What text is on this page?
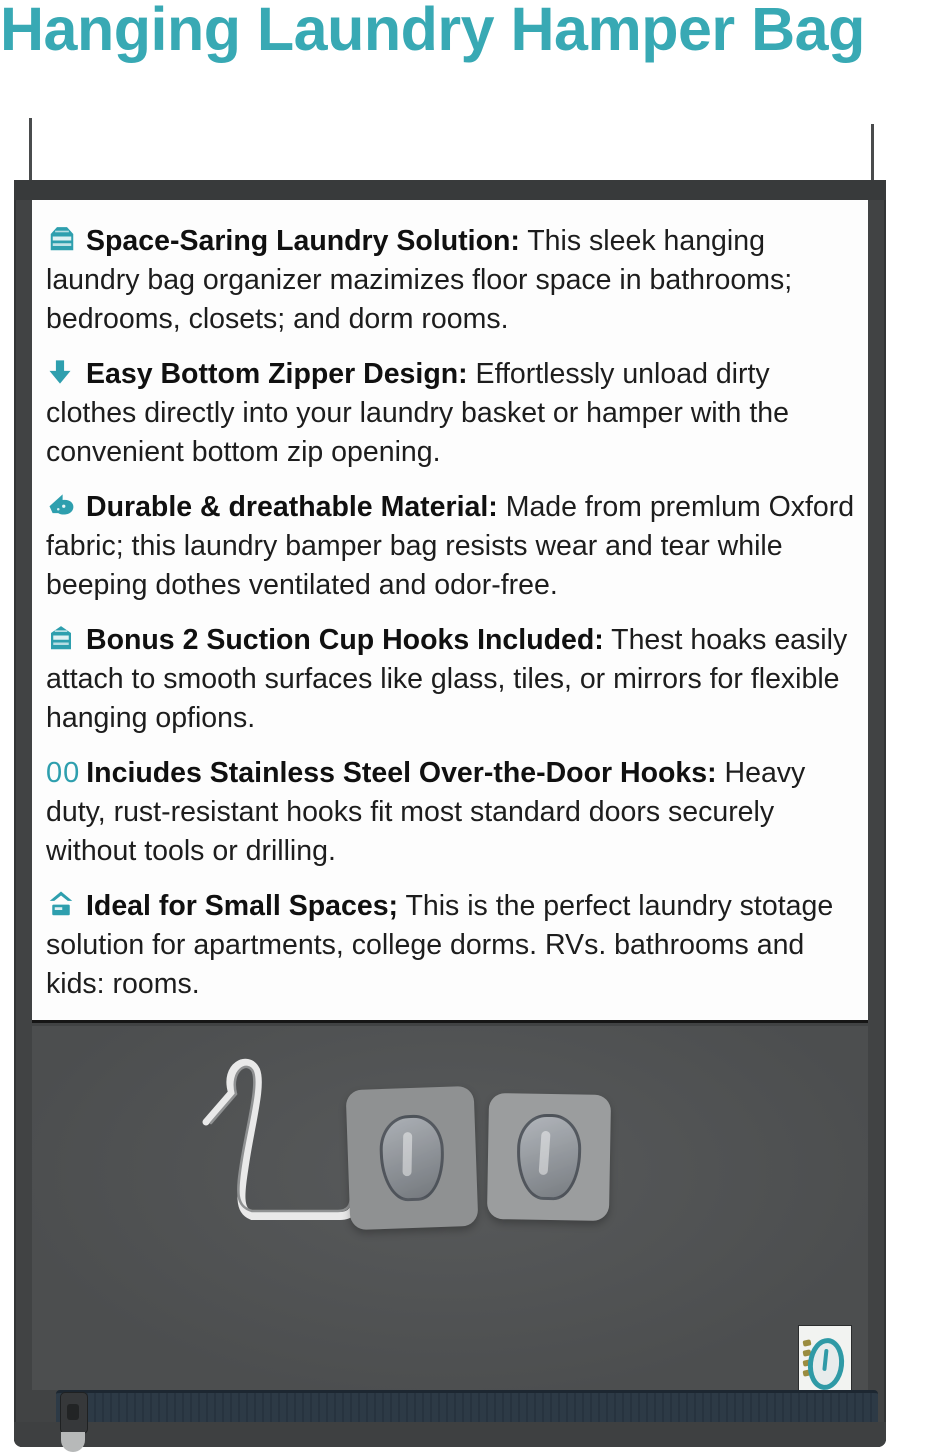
Hanging Laundry Hamper Bag
Space-Saring Laundry Solution: This sleek hanging laundry bag organizer mazimizes floor space in bathrooms; bedrooms, closets; and dorm rooms.
Easy Bottom Zipper Design: Effortlessly unload dirty clothes directly into your laundry basket or hamper with the convenient bottom zip opening.
Durable & dreathable Material: Made from premlum Oxford fabric; this laundry bamper bag resists wear and tear while beeping dothes ventilated and odor-free.
Bonus 2 Suction Cup Hooks Included: Thest hoaks easily attach to smooth surfaces like glass, tiles, or mirrors for flexible hanging opfions.
00 Inciudes Stainless Steel Over-the-Door Hooks: Heavy duty, rust-resistant hooks fit most standard doors securely without tools or drilling.
Ideal for Small Spaces; This is the perfect laundry stotage solution for apartments, college dorms. RVs. bathrooms and kids: rooms.
